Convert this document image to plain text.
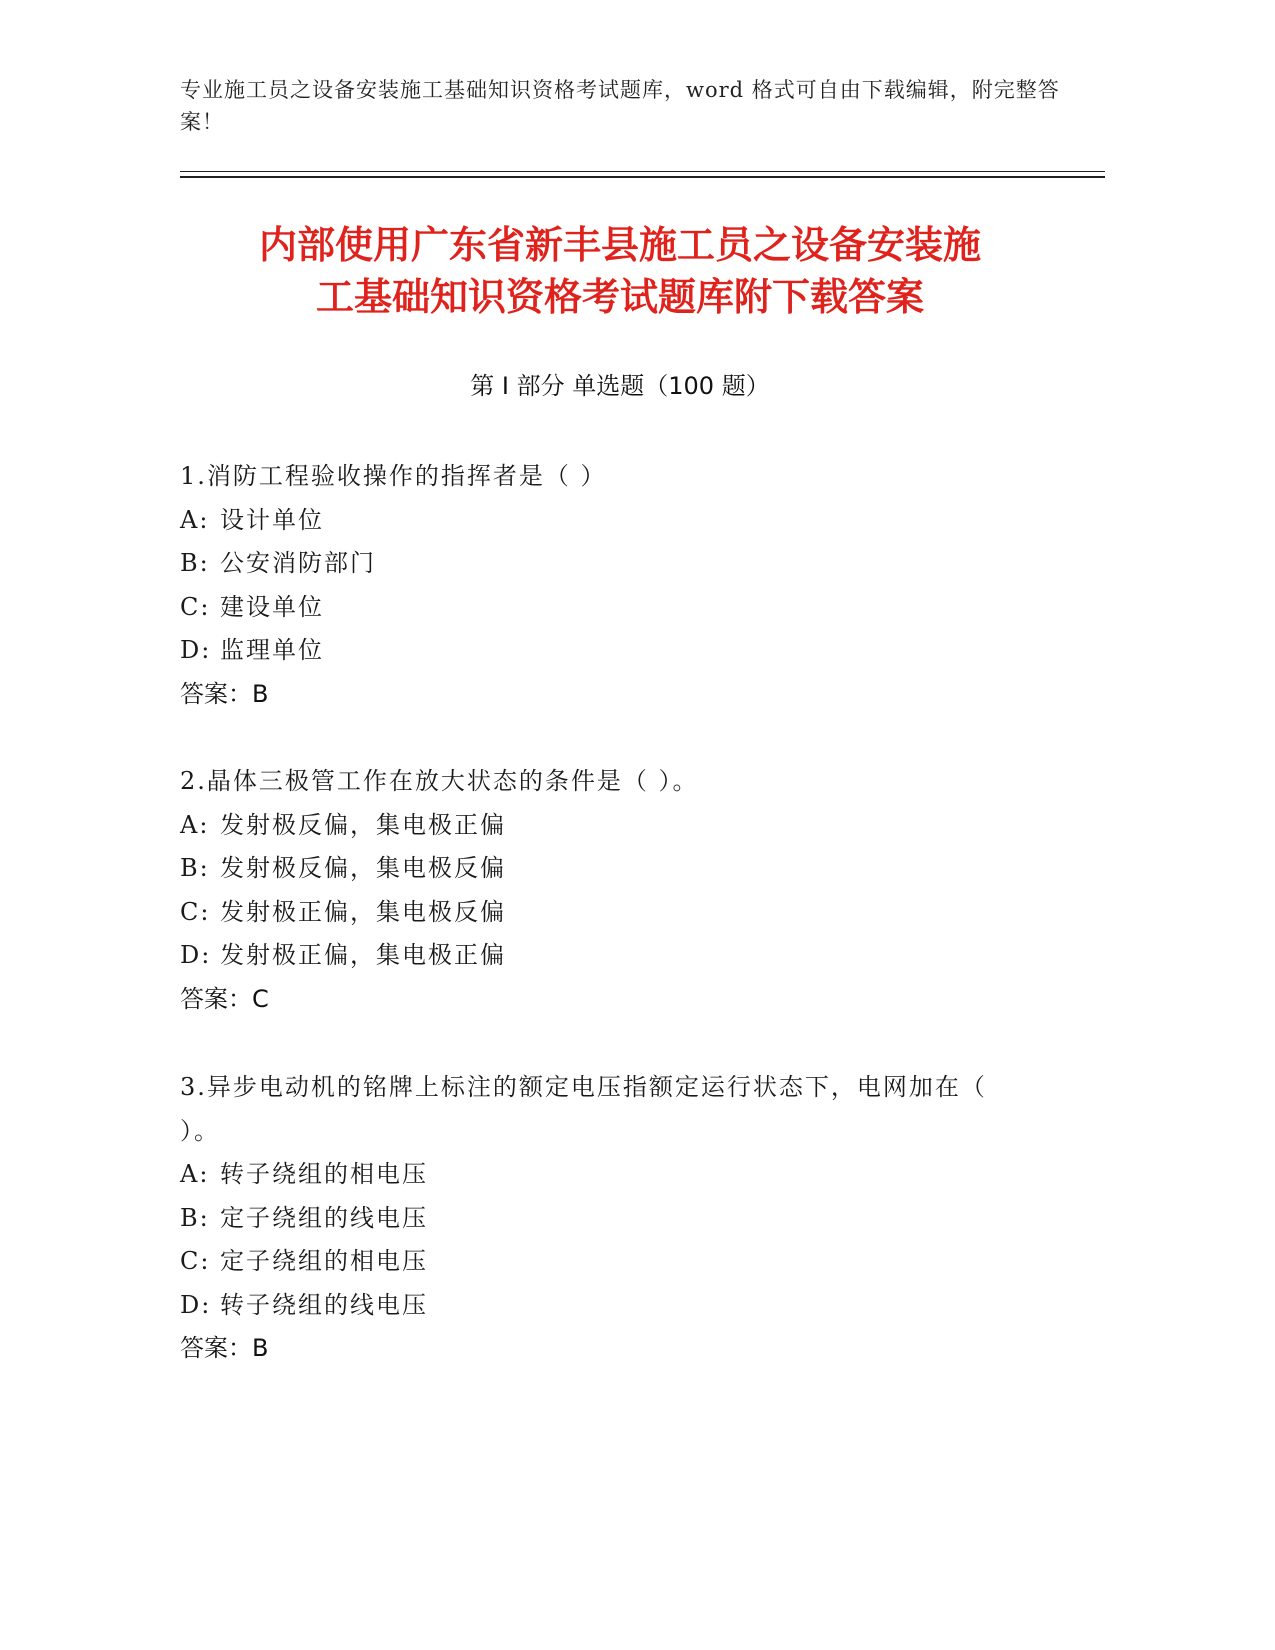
专业施工员之设备安装施工基础知识资格考试题库，word 格式可自由下载编辑，附完整答案！
内部使用广东省新丰县施工员之设备安装施
工基础知识资格考试题库附下载答案
第 I 部分 单选题（100 题）

1.消防工程验收操作的指挥者是（ ）

A: 设计单位

B: 公安消防部门

C: 建设单位

D: 监理单位

答案：B

2.晶体三极管工作在放大状态的条件是（ ）。

A: 发射极反偏，集电极正偏

B: 发射极反偏，集电极反偏

C: 发射极正偏，集电极反偏

D: 发射极正偏，集电极正偏

答案：C

3.异步电动机的铭牌上标注的额定电压指额定运行状态下，电网加在（ ）。

A: 转子绕组的相电压

B: 定子绕组的线电压

C: 定子绕组的相电压

D: 转子绕组的线电压

答案：B
